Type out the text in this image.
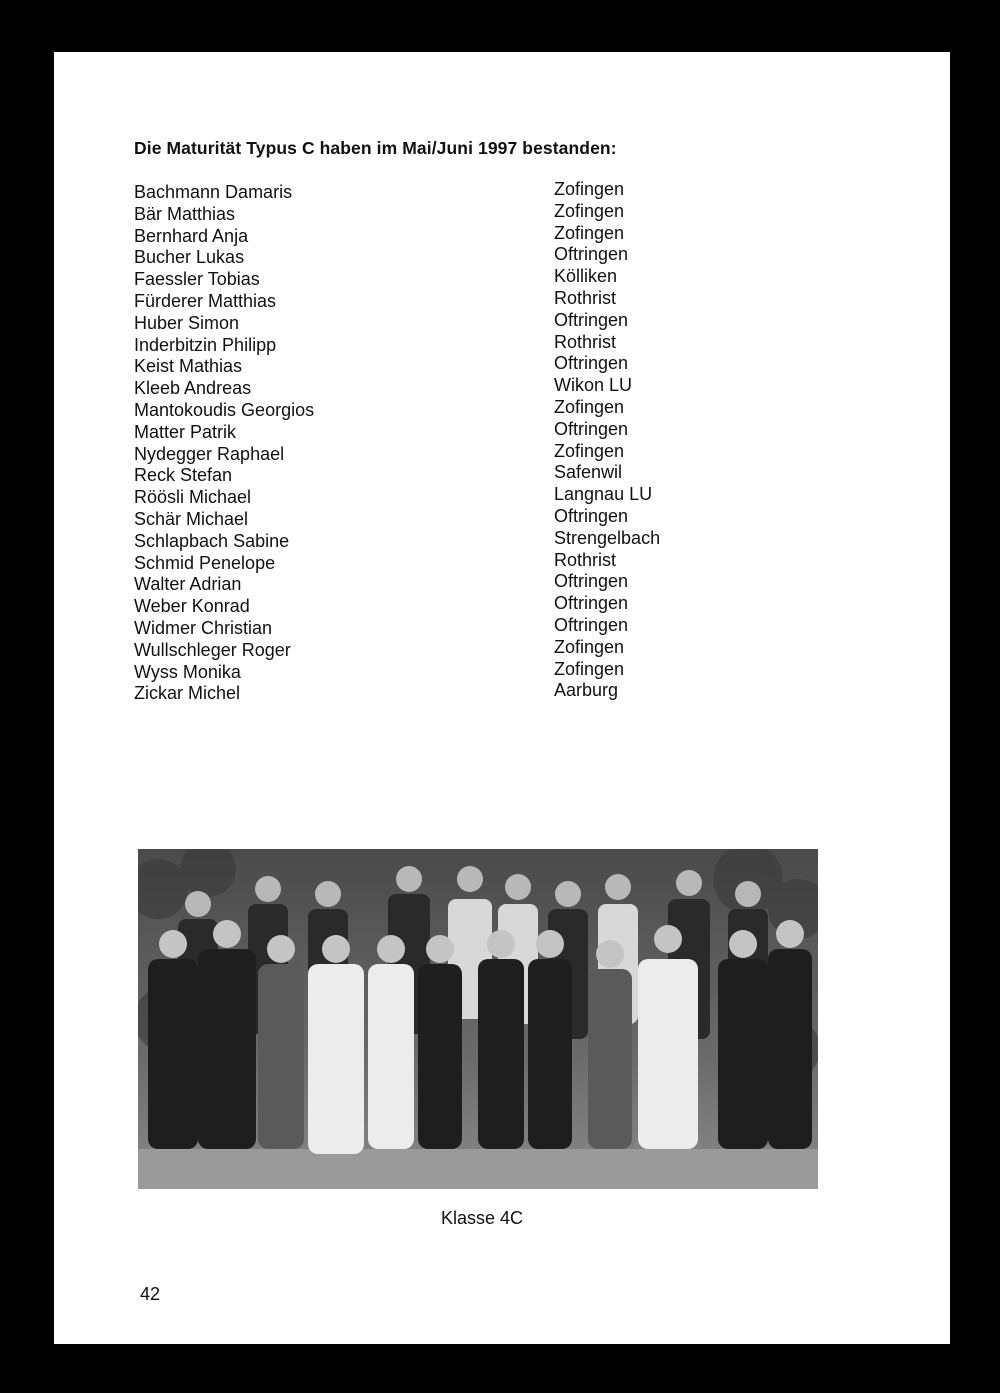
Die Maturität Typus C haben im Mai/Juni 1997 bestanden:
Bachmann Damaris	Zofingen
Bär Matthias	Zofingen
Bernhard Anja	Zofingen
Bucher Lukas	Oftringen
Faessler Tobias	Kölliken
Fürderer Matthias	Rothrist
Huber Simon	Oftringen
Inderbitzin Philipp	Rothrist
Keist Mathias	Oftringen
Kleeb Andreas	Wikon LU
Mantokoudis Georgios	Zofingen
Matter Patrik	Oftringen
Nydegger Raphael	Zofingen
Reck Stefan	Safenwil
Röösli Michael	Langnau LU
Schär Michael	Oftringen
Schlapbach Sabine	Strengelbach
Schmid Penelope	Rothrist
Walter Adrian	Oftringen
Weber Konrad	Oftringen
Widmer Christian	Oftringen
Wullschleger Roger	Zofingen
Wyss Monika	Zofingen
Zickar Michel	Aarburg
Klasse 4C
42
